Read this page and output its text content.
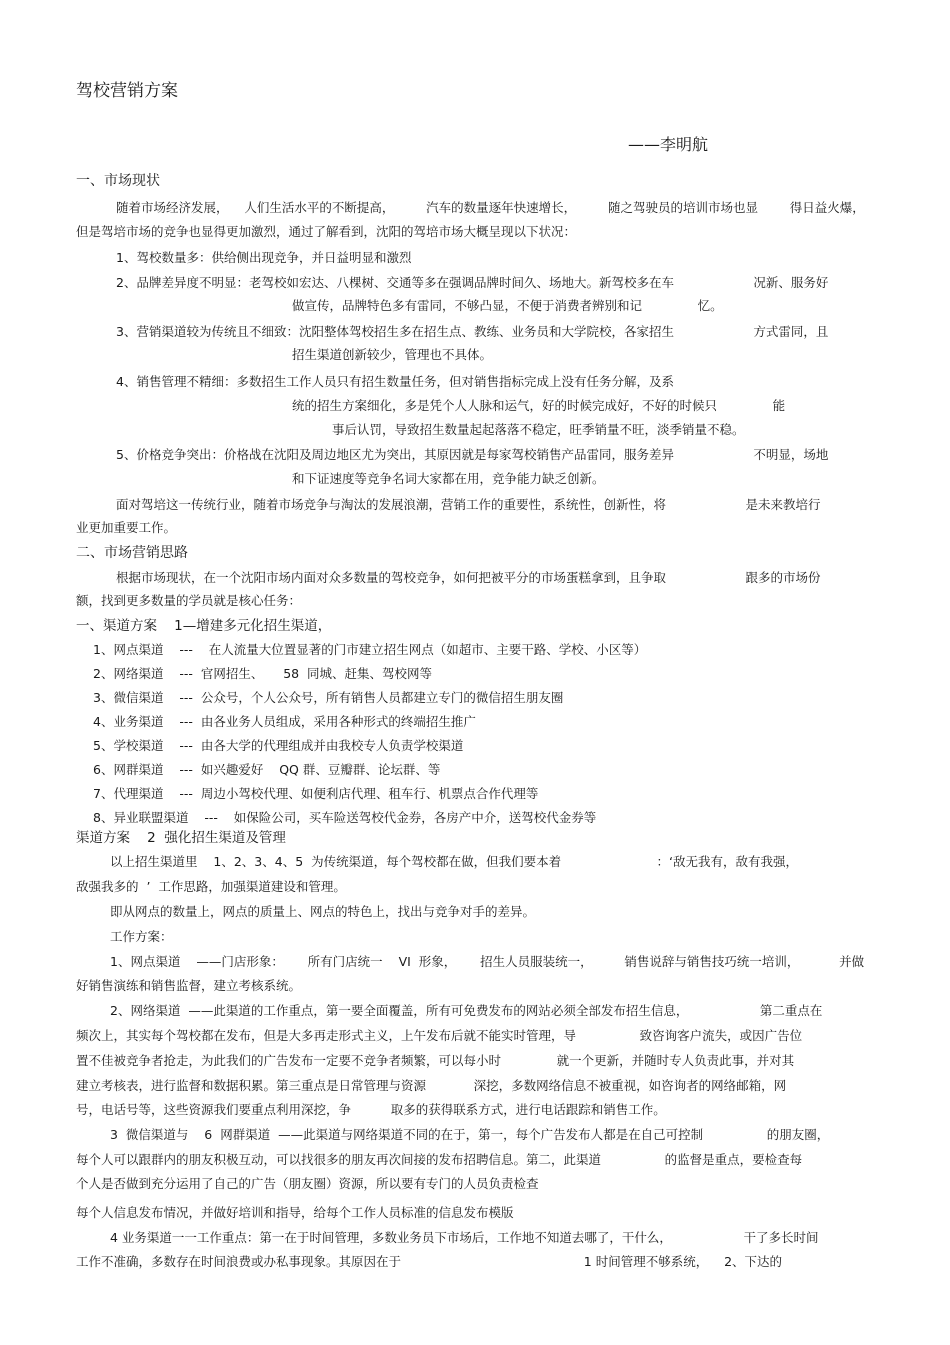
驾校营销方案
——李明航
一、市场现状
随着市场经济发展，    人们生活水平的不断提高，        汽车的数量逐年快速增长，        随之驾驶员的培训市场也显        得日益火爆，
但是驾培市场的竞争也显得更加激烈，通过了解看到，沈阳的驾培市场大概呈现以下状况：
1、驾校数量多：供给侧出现竞争，并日益明显和激烈
2、品牌差异度不明显：老驾校如宏达、八棵树、交通等多在强调品牌时间久、场地大。新驾校多在车                    况新、服务好
做宣传，品牌特色多有雷同，不够凸显，不便于消费者辨别和记              忆。
3、营销渠道较为传统且不细致：沈阳整体驾校招生多在招生点、教练、业务员和大学院校，各家招生                    方式雷同，且
招生渠道创新较少，管理也不具体。
4、销售管理不精细：多数招生工作人员只有招生数量任务，但对销售指标完成上没有任务分解，及系
统的招生方案细化，多是凭个人人脉和运气，好的时候完成好，不好的时候只              能
事后认罚，导致招生数量起起落落不稳定，旺季销量不旺，淡季销量不稳。
5、价格竞争突出：价格战在沈阳及周边地区尤为突出，其原因就是每家驾校销售产品雷同，服务差异                    不明显，场地
和下证速度等竞争名词大家都在用，竞争能力缺乏创新。
面对驾培这一传统行业，随着市场竞争与淘汰的发展浪潮，营销工作的重要性，系统性，创新性，将                    是未来教培行
业更加重要工作。
二、市场营销思路
根据市场现状，在一个沈阳市场内面对众多数量的驾校竞争，如何把被平分的市场蛋糕拿到，且争取                    跟多的市场份
额，找到更多数量的学员就是核心任务：
一、渠道方案    1—增建多元化招生渠道，
1、网点渠道    ---    在人流量大位置显著的门市建立招生网点（如超市、主要干路、学校、小区等）
2、网络渠道    ---  官网招生、     58  同城、赶集、驾校网等
3、微信渠道    ---  公众号，个人公众号，所有销售人员都建立专门的微信招生朋友圈
4、业务渠道    ---  由各业务人员组成，采用各种形式的终端招生推广
5、学校渠道    ---  由各大学的代理组成并由我校专人负责学校渠道
6、网群渠道    ---  如兴趣爱好    QQ 群、豆瓣群、论坛群、等
7、代理渠道    ---  周边小驾校代理、如便利店代理、租车行、机票点合作代理等
8、异业联盟渠道    ---    如保险公司，买车险送驾校代金券，各房产中介，送驾校代金券等
渠道方案    2  强化招生渠道及管理
以上招生渠道里    1、2、3、4、5  为传统渠道，每个驾校都在做，但我们要本着                        ：‘敌无我有，敌有我强，
敌强我多的  ’  工作思路，加强渠道建设和管理。
即从网点的数量上，网点的质量上、网点的特色上，找出与竞争对手的差异。
工作方案：
1、网点渠道    ——门店形象：      所有门店统一    VI  形象，      招生人员服装统一，        销售说辞与销售技巧统一培训，          并做
好销售演练和销售监督，建立考核系统。
2、网络渠道  ——此渠道的工作重点，第一要全面覆盖，所有可免费发布的网站必须全部发布招生信息，                  第二重点在
频次上，其实每个驾校都在发布，但是大多再走形式主义，上午发布后就不能实时管理，导                致咨询客户流失，或因广告位
置不佳被竞争者抢走，为此我们的广告发布一定要不竞争者频繁，可以每小时              就一个更新，并随时专人负责此事，并对其
建立考核表，进行监督和数据积累。第三重点是日常管理与资源            深挖，多数网络信息不被重视，如咨询者的网络邮箱，网
号，电话号等，这些资源我们要重点利用深挖，争          取多的获得联系方式，进行电话跟踪和销售工作。
3  微信渠道与    6  网群渠道  ——此渠道与网络渠道不同的在于，第一，每个广告发布人都是在自己可控制                的朋友圈，
每个人可以跟群内的朋友积极互动，可以找很多的朋友再次间接的发布招聘信息。第二，此渠道                的监督是重点，要检查每
个人是否做到充分运用了自己的广告（朋友圈）资源，所以要有专门的人员负责检查
每个人信息发布情况，并做好培训和指导，给每个工作人员标准的信息发布模版
4 业务渠道一一工作重点：第一在于时间管理，多数业务员下市场后，工作地不知道去哪了，干什么，                  干了多长时间
工作不准确，多数存在时间浪费或办私事现象。其原因在于                                              1 时间管理不够系统，    2、下达的
